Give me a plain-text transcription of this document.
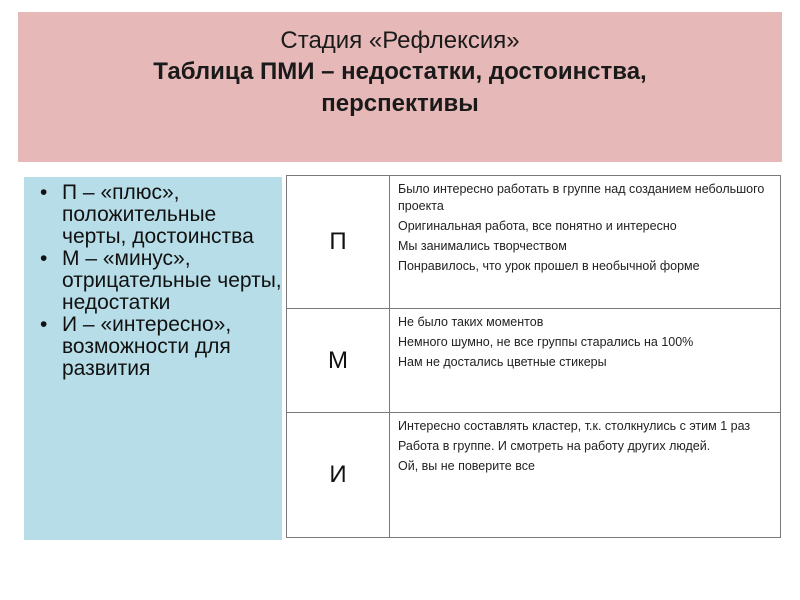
Стадия «Рефлексия»
Таблица ПМИ – недостатки, достоинства,
перспективы
• П – «плюс», положительные черты, достоинства
• М – «минус», отрицательные черты, недостатки
• И – «интересно», возможности для развития
П	Было интересно работать в группе над созданием небольшого проекта

Оригинальная работа, все понятно и интересно

Мы занимались творчеством

Понравилось, что урок прошел в необычной форме

М	Не было таких моментов

Немного шумно, не все группы старались на 100%

Нам не достались цветные стикеры

И	Интересно составлять кластер, т.к. столкнулись с этим 1 раз

Работа в группе. И смотреть на работу других людей.

Ой, вы не поверите все
